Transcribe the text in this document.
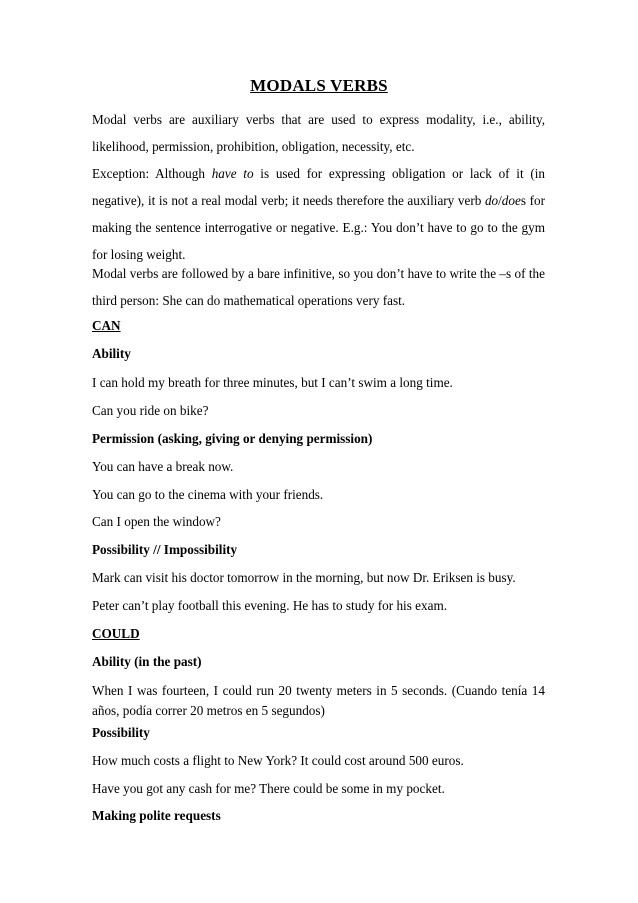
MODALS VERBS

Modal verbs are auxiliary verbs that are used to express modality, i.e., ability, likelihood, permission, prohibition, obligation, necessity, etc.

Exception: Although have to is used for expressing obligation or lack of it (in negative), it is not a real modal verb; it needs therefore the auxiliary verb do/does for making the sentence interrogative or negative. E.g.: You don’t have to go to the gym for losing weight.

Modal verbs are followed by a bare infinitive, so you don’t have to write the –s of the third person: She can do mathematical operations very fast.

CAN
Ability
I can hold my breath for three minutes, but I can’t swim a long time.
Can you ride on bike?
Permission (asking, giving or denying permission)
You can have a break now.
You can go to the cinema with your friends.
Can I open the window?
Possibility // Impossibility
Mark can visit his doctor tomorrow in the morning, but now Dr. Eriksen is busy.
Peter can’t play football this evening. He has to study for his exam.
COULD
Ability (in the past)

When I was fourteen, I could run 20 twenty meters in 5 seconds. (Cuando tenía 14 años, podía correr 20 metros en 5 segundos)

Possibility
How much costs a flight to New York? It could cost around 500 euros.
Have you got any cash for me? There could be some in my pocket.
Making polite requests
